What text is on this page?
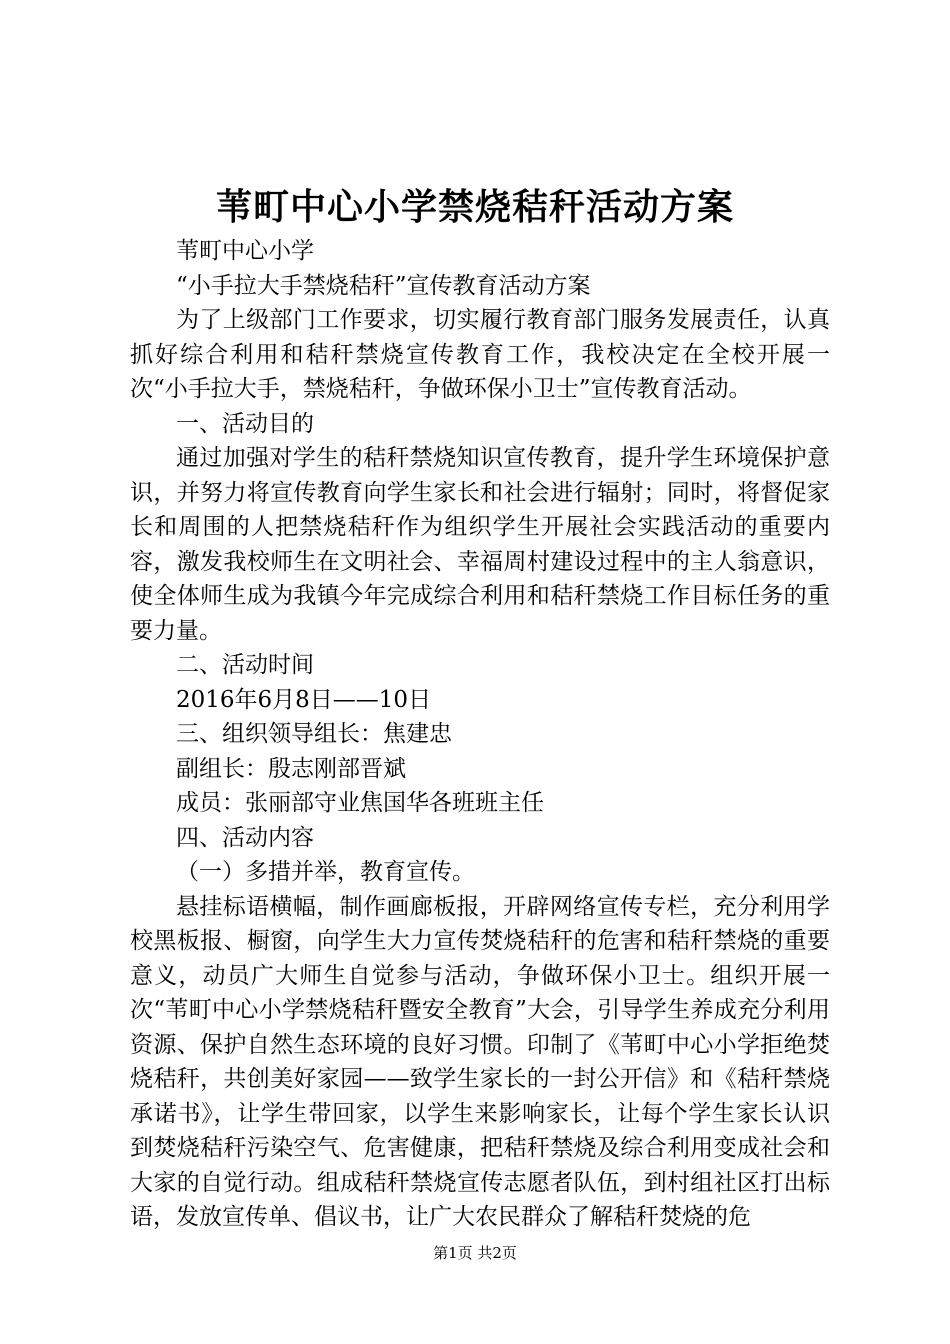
苇町中心小学禁烧秸秆活动方案

苇町中心小学

“小手拉大手禁烧秸秆”宣传教育活动方案

为了上级部门工作要求，切实履行教育部门服务发展责任，认真抓好综合利用和秸秆禁烧宣传教育工作，我校决定在全校开展一次“小手拉大手，禁烧秸秆，争做环保小卫士”宣传教育活动。

一、活动目的

通过加强对学生的秸秆禁烧知识宣传教育，提升学生环境保护意识，并努力将宣传教育向学生家长和社会进行辐射；同时，将督促家长和周围的人把禁烧秸秆作为组织学生开展社会实践活动的重要内容，激发我校师生在文明社会、幸福周村建设过程中的主人翁意识，使全体师生成为我镇今年完成综合利用和秸秆禁烧工作目标任务的重要力量。

二、活动时间

2016年6月8日——10日

三、组织领导组长：焦建忠

副组长：殷志刚部晋斌

成员：张丽部守业焦国华各班班主任

四、活动内容

（一）多措并举，教育宣传。

悬挂标语横幅，制作画廊板报，开辟网络宣传专栏，充分利用学校黑板报、橱窗，向学生大力宣传焚烧秸秆的危害和秸秆禁烧的重要意义，动员广大师生自觉参与活动，争做环保小卫士。组织开展一次“苇町中心小学禁烧秸秆暨安全教育”大会，引导学生养成充分利用资源、保护自然生态环境的良好习惯。印制了《苇町中心小学拒绝焚烧秸秆，共创美好家园——致学生家长的一封公开信》和《秸秆禁烧承诺书》，让学生带回家，以学生来影响家长，让每个学生家长认识到焚烧秸秆污染空气、危害健康，把秸秆禁烧及综合利用变成社会和大家的自觉行动。组成秸秆禁烧宣传志愿者队伍，到村组社区打出标语，发放宣传单、倡议书，让广大农民群众了解秸秆焚烧的危

第1页 共2页
